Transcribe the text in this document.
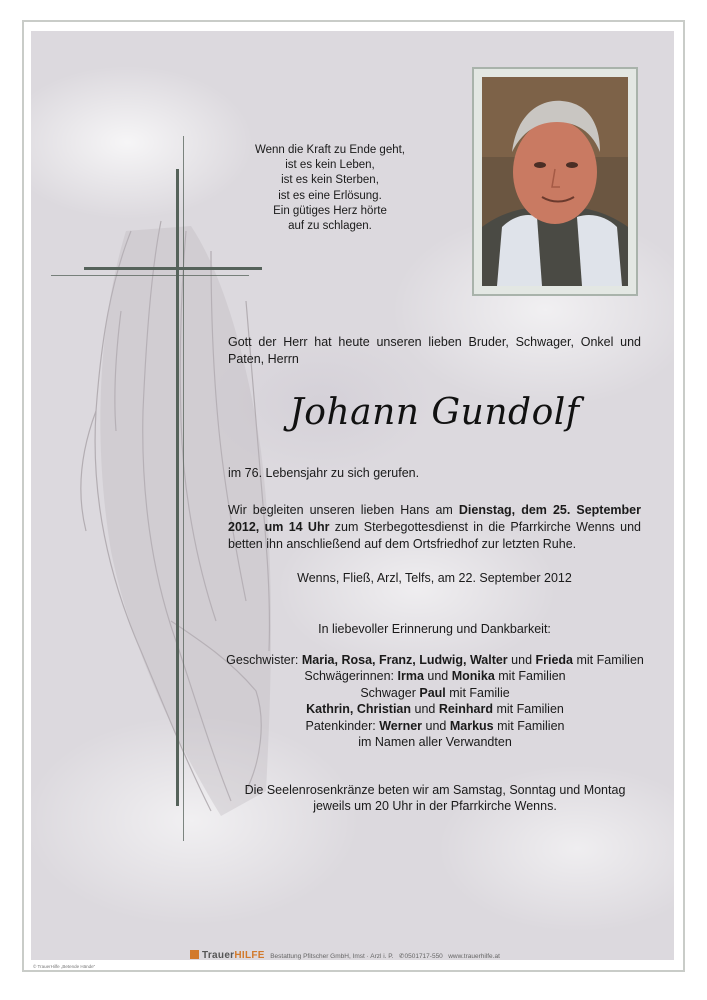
Wenn die Kraft zu Ende geht,
ist es kein Leben,
ist es kein Sterben,
ist es eine Erlösung.
Ein gütiges Herz hörte
auf zu schlagen.
Gott der Herr hat heute unseren lieben Bruder, Schwager, Onkel und Paten, Herrn
Johann Gundolf
im 76. Lebensjahr zu sich gerufen.
Wir begleiten unseren lieben Hans am Dienstag, dem 25. September 2012, um 14 Uhr zum Sterbegottesdienst in die Pfarrkirche Wenns und betten ihn anschließend auf dem Ortsfriedhof zur letzten Ruhe.
Wenns, Fließ, Arzl, Telfs, am 22. September 2012
In liebevoller Erinnerung und Dankbarkeit:
Geschwister: Maria, Rosa, Franz, Ludwig, Walter und Frieda mit Familien
Schwägerinnen: Irma und Monika mit Familien
Schwager Paul mit Familie
Kathrin, Christian und Reinhard mit Familien
Patenkinder: Werner und Markus mit Familien
im Namen aller Verwandten
Die Seelenrosenkränze beten wir am Samstag, Sonntag und Montag
jeweils um 20 Uhr in der Pfarrkirche Wenns.
TrauerHILFE Bestattung Pfitscher GmbH, Imst · Arzl i. P. ✆0501717-550 www.trauerhilfe.at
© TrauerHilfe „Betende Hände“
